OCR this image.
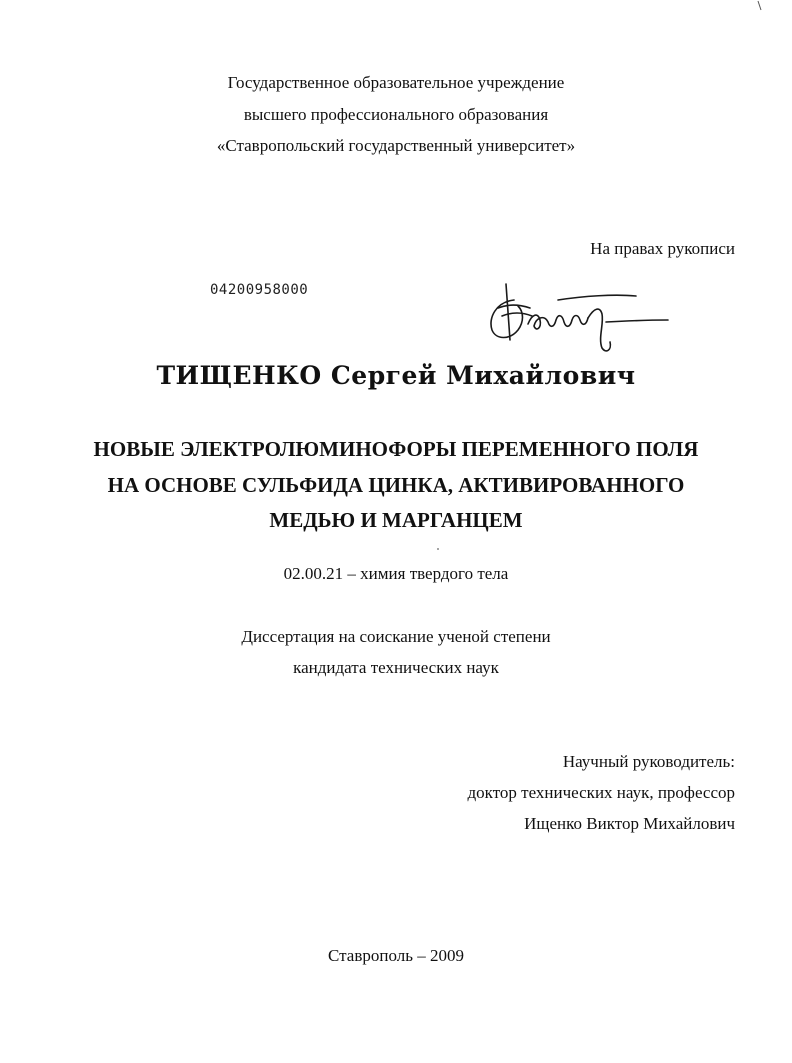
Государственное образовательное учреждение
высшего профессионального образования
«Ставропольский государственный университет»
На правах рукописи
04200958000
ТИЩЕНКО Сергей Михайлович
НОВЫЕ ЭЛЕКТРОЛЮМИНОФОРЫ ПЕРЕМЕННОГО ПОЛЯ
НА ОСНОВЕ СУЛЬФИДА ЦИНКА, АКТИВИРОВАННОГО
МЕДЬЮ И МАРГАНЦЕМ
02.00.21 – химия твердого тела
Диссертация на соискание ученой степени
кандидата технических наук
Научный руководитель:
доктор технических наук, профессор
Ищенко Виктор Михайлович
Ставрополь – 2009
